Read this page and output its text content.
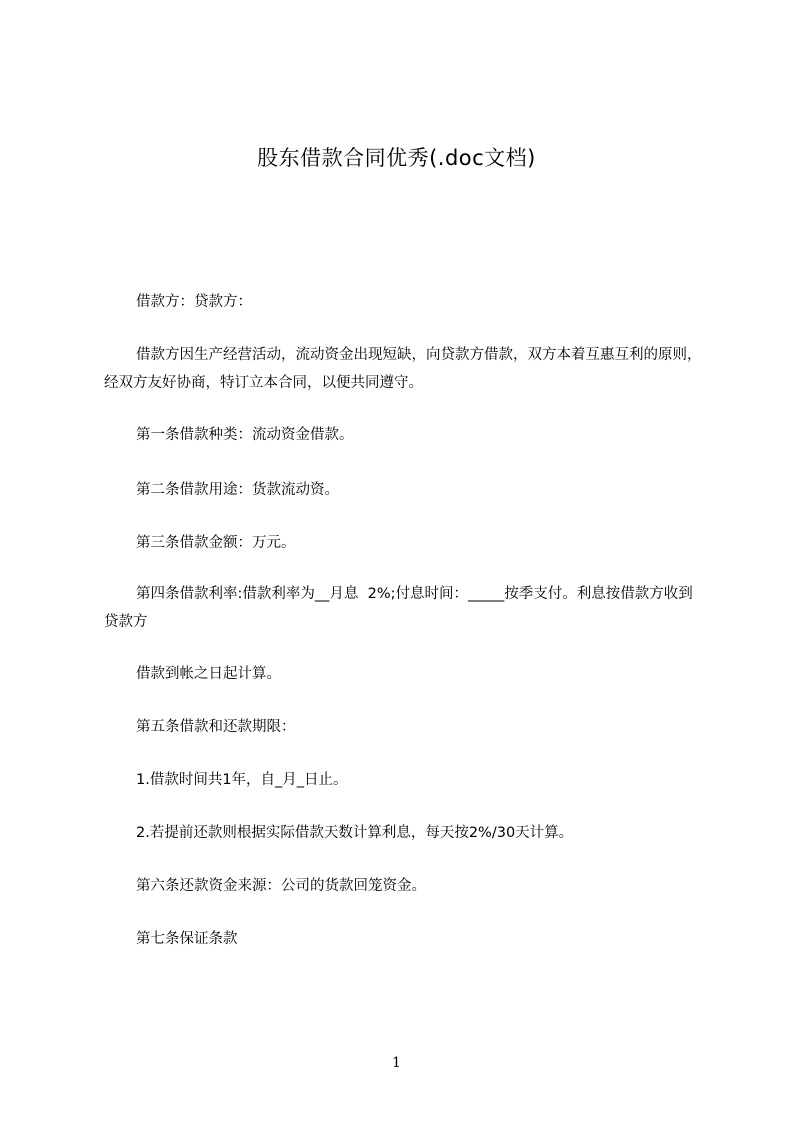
股东借款合同优秀(.doc文档)

借款方：贷款方：

借款方因生产经营活动，流动资金出现短缺，向贷款方借款，双方本着互惠互利的原则，经双方友好协商，特订立本合同，以便共同遵守。

第一条借款种类：流动资金借款。

第二条借款用途：货款流动资。

第三条借款金额：万元。

第四条借款利率:借款利率为__月息  2%;付息时间：_____按季支付。利息按借款方收到贷款方

借款到帐之日起计算。

第五条借款和还款期限：

1.借款时间共1年，自_月_日止。

2.若提前还款则根据实际借款天数计算利息，每天按2%/30天计算。

第六条还款资金来源：公司的货款回笼资金。

第七条保证条款

1
